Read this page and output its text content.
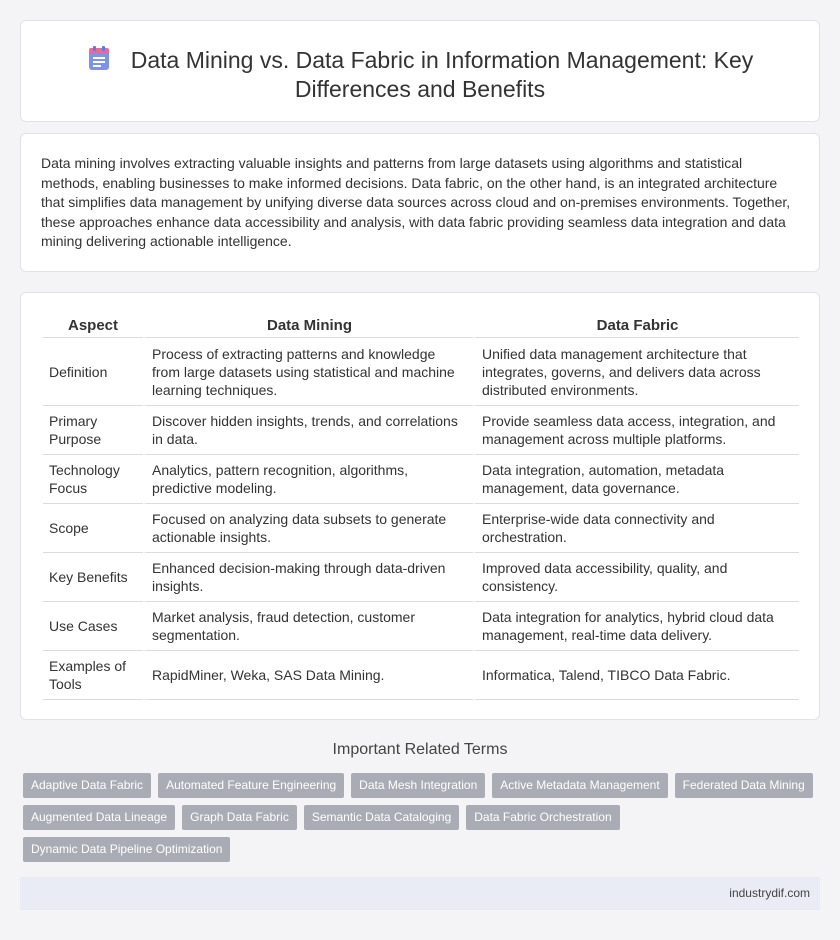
Data Mining vs. Data Fabric in Information Management: Key
Differences and Benefits

Data mining involves extracting valuable insights and patterns from large datasets using algorithms and statistical methods, enabling businesses to make informed decisions. Data fabric, on the other hand, is an integrated architecture that simplifies data management by unifying diverse data sources across cloud and on-premises environments. Together, these approaches enhance data accessibility and analysis, with data fabric providing seamless data integration and data mining delivering actionable intelligence.

Aspect	Data Mining	Data Fabric
Definition	Process of extracting patterns and knowledge from large datasets using statistical and machine learning techniques.	Unified data management architecture that integrates, governs, and delivers data across distributed environments.
Primary Purpose	Discover hidden insights, trends, and correlations in data.	Provide seamless data access, integration, and management across multiple platforms.
Technology Focus	Analytics, pattern recognition, algorithms, predictive modeling.	Data integration, automation, metadata management, data governance.
Scope	Focused on analyzing data subsets to generate actionable insights.	Enterprise-wide data connectivity and orchestration.
Key Benefits	Enhanced decision-making through data-driven insights.	Improved data accessibility, quality, and consistency.
Use Cases	Market analysis, fraud detection, customer segmentation.	Data integration for analytics, hybrid cloud data management, real-time data delivery.
Examples of Tools	RapidMiner, Weka, SAS Data Mining.	Informatica, Talend, TIBCO Data Fabric.
Important Related Terms
Adaptive Data Fabric	Automated Feature Engineering	Data Mesh Integration	Active Metadata Management	Federated Data Mining
Augmented Data Lineage	Graph Data Fabric	Semantic Data Cataloging	Data Fabric Orchestration
Dynamic Data Pipeline Optimization
industrydif.com
